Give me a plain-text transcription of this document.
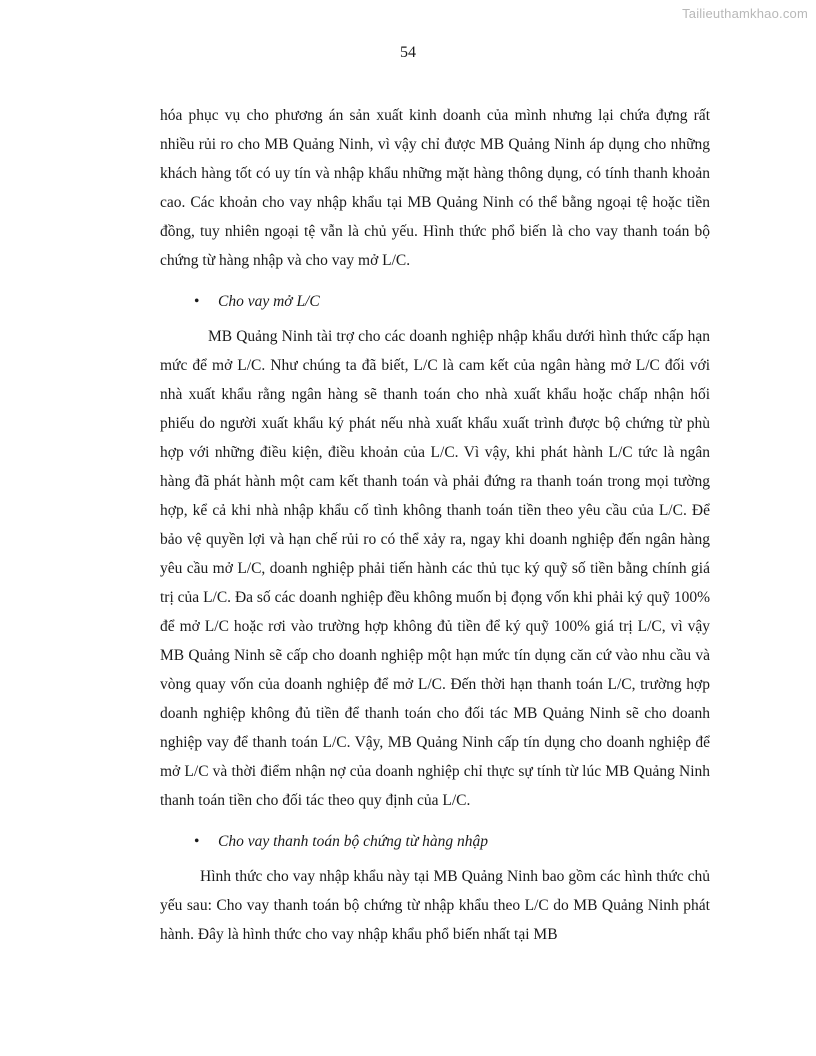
Tailieuthamkhao.com
54

hóa phục vụ cho phương án sản xuất kinh doanh của mình nhưng lại chứa đựng rất nhiều rủi ro cho MB Quảng Ninh, vì vậy chỉ được MB Quảng Ninh áp dụng cho những khách hàng tốt có uy tín và nhập khẩu những mặt hàng thông dụng, có tính thanh khoản cao. Các khoản cho vay nhập khẩu tại MB Quảng Ninh có thể bằng ngoại tệ hoặc tiền đồng, tuy nhiên ngoại tệ vẫn là chủ yếu. Hình thức phổ biến là cho vay thanh toán bộ chứng từ hàng nhập và cho vay mở L/C.

• Cho vay mở L/C

MB Quảng Ninh tài trợ cho các doanh nghiệp nhập khẩu dưới hình thức cấp hạn mức để mở L/C. Như chúng ta đã biết, L/C là cam kết của ngân hàng mở L/C đối với nhà xuất khẩu rằng ngân hàng sẽ thanh toán cho nhà xuất khẩu hoặc chấp nhận hối phiếu do người xuất khẩu ký phát nếu nhà xuất khẩu xuất trình được bộ chứng từ phù hợp với những điều kiện, điều khoản của L/C. Vì vậy, khi phát hành L/C tức là ngân hàng đã phát hành một cam kết thanh toán và phải đứng ra thanh toán trong mọi tường hợp, kể cả khi nhà nhập khẩu cố tình không thanh toán tiền theo yêu cầu của L/C. Để bảo vệ quyền lợi và hạn chế rủi ro có thể xảy ra, ngay khi doanh nghiệp đến ngân hàng yêu cầu mở L/C, doanh nghiệp phải tiến hành các thủ tục ký quỹ số tiền bằng chính giá trị của L/C. Đa số các doanh nghiệp đều không muốn bị đọng vốn khi phải ký quỹ 100% để mở L/C hoặc rơi vào trường hợp không đủ tiền để ký quỹ 100% giá trị L/C, vì vậy MB Quảng Ninh sẽ cấp cho doanh nghiệp một hạn mức tín dụng căn cứ vào nhu cầu và vòng quay vốn của doanh nghiệp để mở L/C. Đến thời hạn thanh toán L/C, trường hợp doanh nghiệp không đủ tiền để thanh toán cho đối tác MB Quảng Ninh sẽ cho doanh nghiệp vay để thanh toán L/C. Vậy, MB Quảng Ninh cấp tín dụng cho doanh nghiệp để mở L/C và thời điểm nhận nợ của doanh nghiệp chỉ thực sự tính từ lúc MB Quảng Ninh thanh toán tiền cho đối tác theo quy định của L/C.

• Cho vay thanh toán bộ chứng từ hàng nhập

Hình thức cho vay nhập khẩu này tại MB Quảng Ninh bao gồm các hình thức chủ yếu sau: Cho vay thanh toán bộ chứng từ nhập khẩu theo L/C do MB Quảng Ninh phát hành. Đây là hình thức cho vay nhập khẩu phổ biến nhất tại MB
